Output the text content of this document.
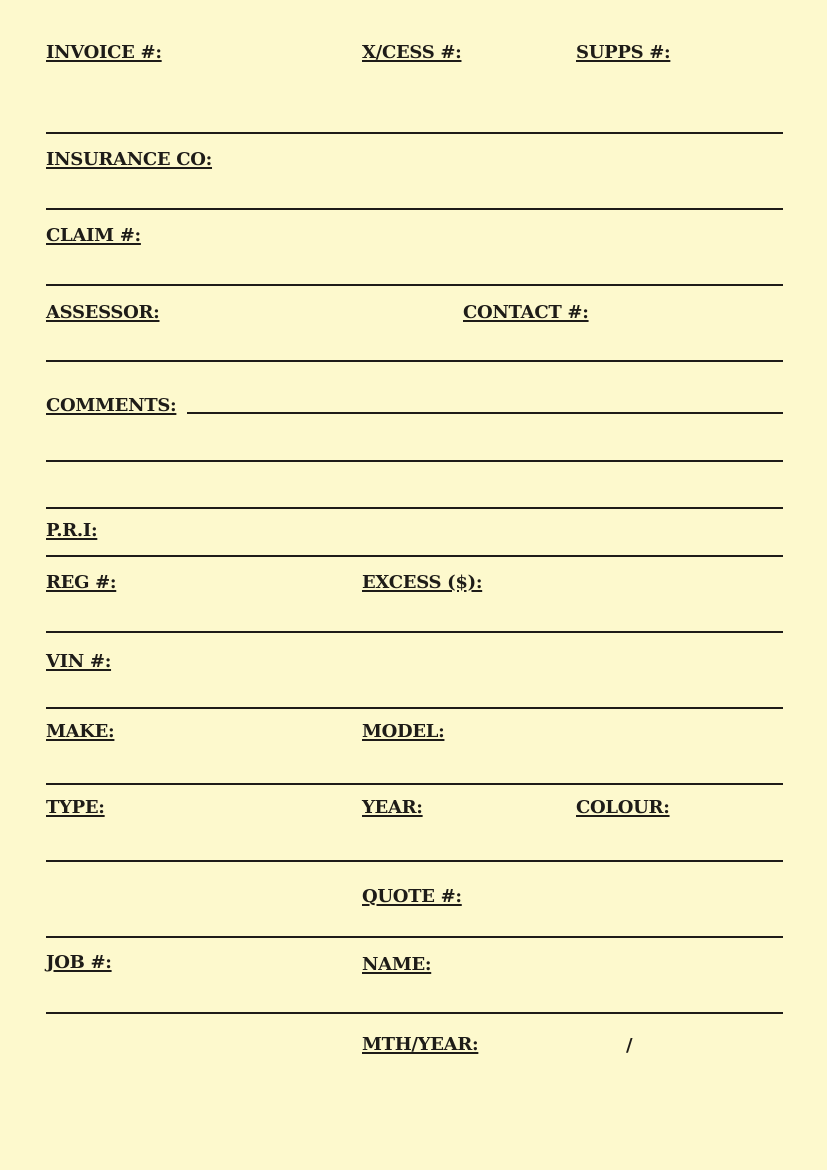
INVOICE #:	X/CESS #:	SUPPS #:
INSURANCE CO:
CLAIM #:
ASSESSOR:	CONTACT #:
COMMENTS:
P.R.I:
REG #:	EXCESS ($):
VIN #:
MAKE:	MODEL:
TYPE:	YEAR:	COLOUR:
QUOTE #:
JOB #:	NAME:
MTH/YEAR:	/
